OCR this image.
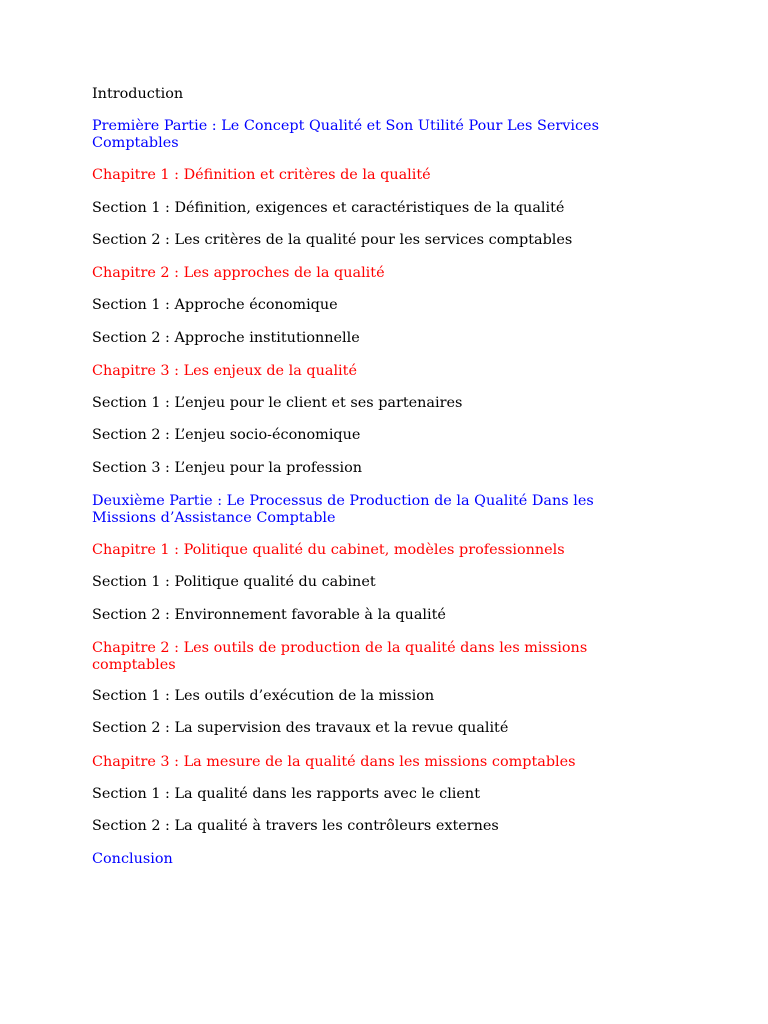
Introduction
Première Partie : Le Concept Qualité et Son Utilité Pour Les Services Comptables
Chapitre 1 : Définition et critères de la qualité
Section 1 : Définition, exigences et caractéristiques de la qualité
Section 2 : Les critères de la qualité pour les services comptables
Chapitre 2 : Les approches de la qualité
Section 1 : Approche économique
Section 2 : Approche institutionnelle
Chapitre 3 : Les enjeux de la qualité
Section 1 : L’enjeu pour le client et ses partenaires
Section 2 : L’enjeu socio-économique
Section 3 : L’enjeu pour la profession
Deuxième Partie : Le Processus de Production de la Qualité Dans les Missions d’Assistance Comptable
Chapitre 1 : Politique qualité du cabinet, modèles professionnels
Section 1 : Politique qualité du cabinet
Section 2 : Environnement favorable à la qualité
Chapitre 2 : Les outils de production de la qualité dans les missions comptables
Section 1 : Les outils d’exécution de la mission
Section 2 : La supervision des travaux et la revue qualité
Chapitre 3 : La mesure de la qualité dans les missions comptables
Section 1 : La qualité dans les rapports avec le client
Section 2 : La qualité à travers les contrôleurs externes
Conclusion
